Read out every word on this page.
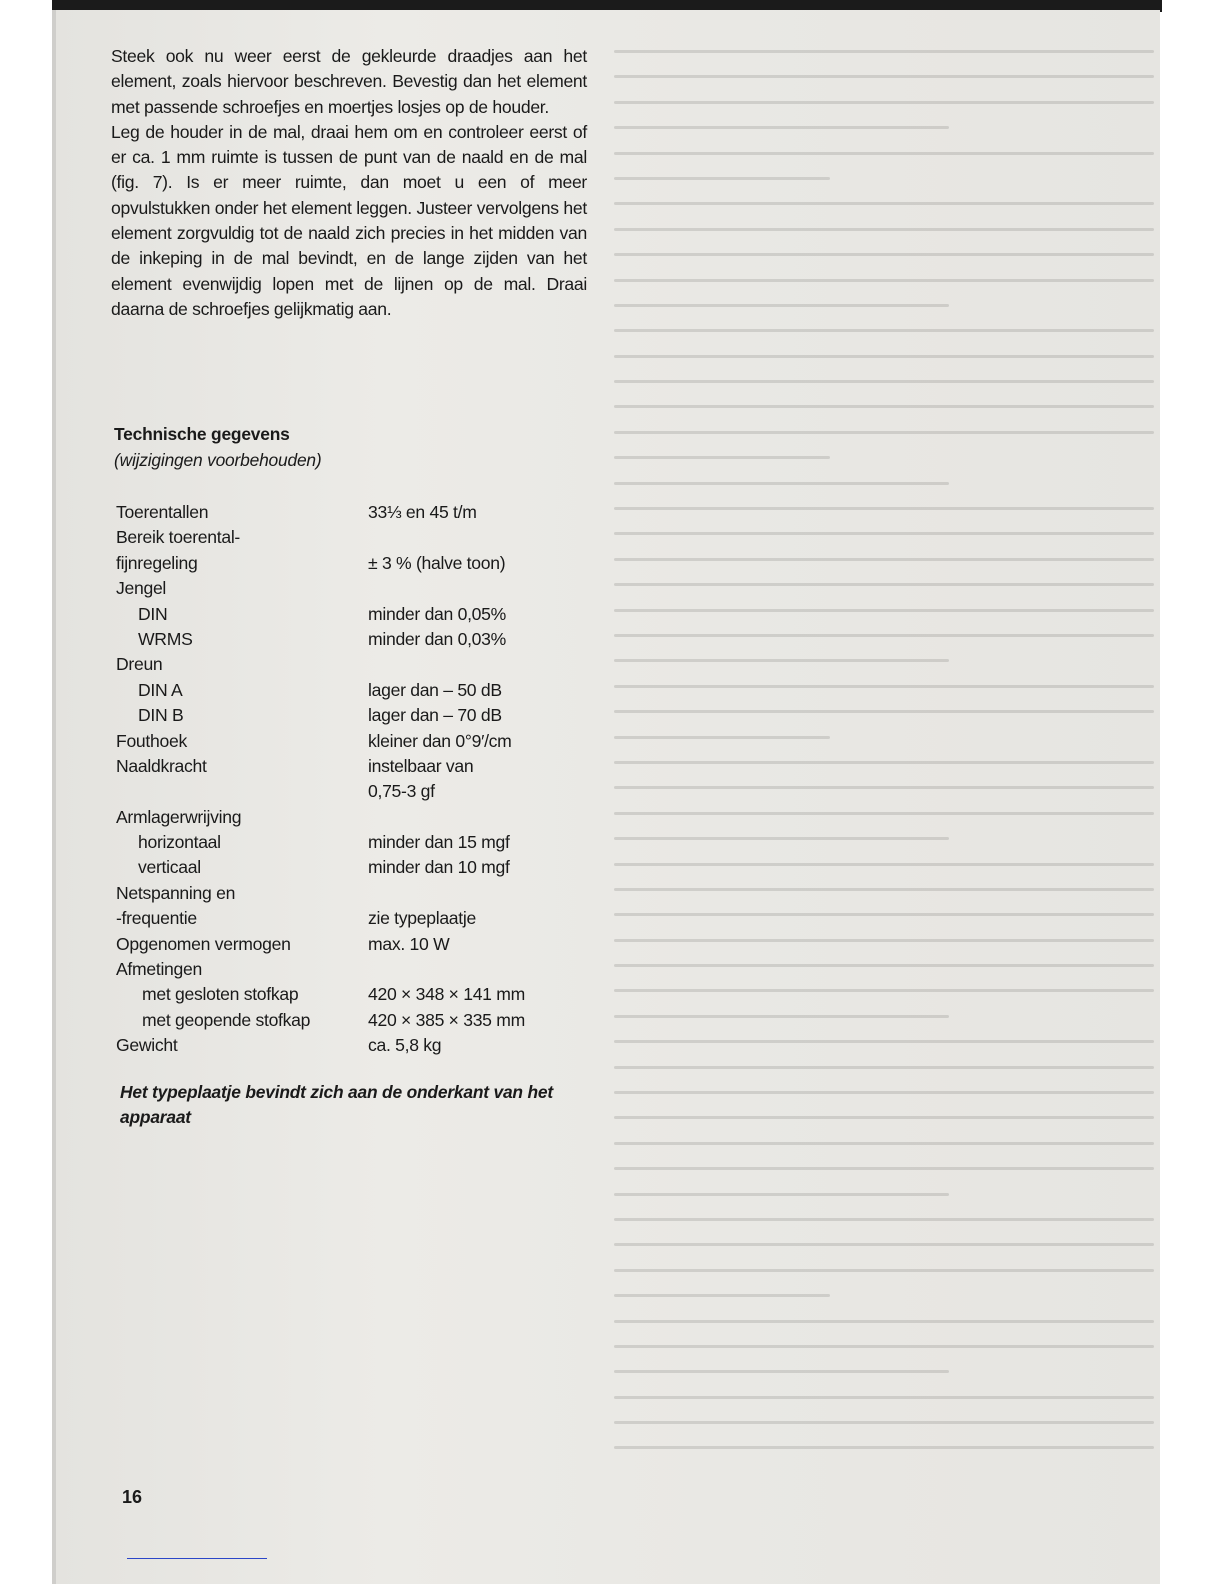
Steek ook nu weer eerst de gekleurde draadjes aan het element, zoals hiervoor beschreven. Bevestig dan het element met passende schroefjes en moertjes losjes op de houder.

Leg de houder in de mal, draai hem om en controleer eerst of er ca. 1 mm ruimte is tussen de punt van de naald en de mal (fig. 7). Is er meer ruimte, dan moet u een of meer opvulstukken onder het element leggen. Justeer vervolgens het element zorgvuldig tot de naald zich precies in het midden van de inkeping in de mal bevindt, en de lange zijden van het element evenwijdig lopen met de lijnen op de mal. Draai daarna de schroefjes gelijkmatig aan.

Technische gegevens
(wijzigingen voorbehouden)
Toerentallen	33⅓ en 45 t/m
Bereik toerental-
fijnregeling	± 3 % (halve toon)
Jengel
DIN	minder dan 0,05%
WRMS	minder dan 0,03%
Dreun
DIN A	lager dan – 50 dB
DIN B	lager dan – 70 dB
Fouthoek	kleiner dan 0°9′/cm
Naaldkracht	instelbaar van
0,75-3 gf
Armlagerwrijving
horizontaal	minder dan 15 mgf
verticaal	minder dan 10 mgf
Netspanning en
-frequentie	zie typeplaatje
Opgenomen vermogen	max. 10 W
Afmetingen
met gesloten stofkap	420 × 348 × 141 mm
met geopende stofkap	420 × 385 × 335 mm
Gewicht	ca. 5,8 kg
Het typeplaatje bevindt zich aan de onderkant van het apparaat
16
